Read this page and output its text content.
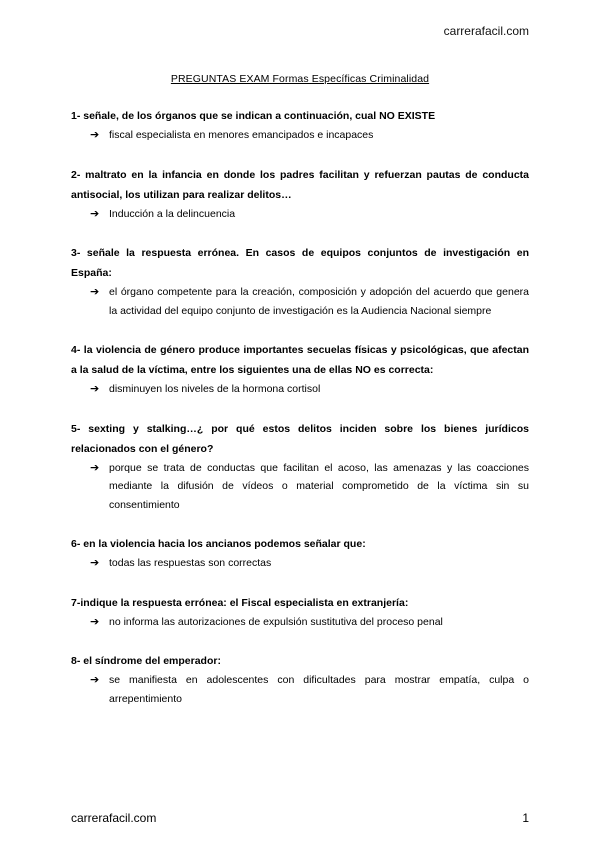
carrerafacil.com
PREGUNTAS EXAM Formas Específicas Criminalidad
1- señale, de los órganos que se indican a continuación, cual NO EXISTE
➔ fiscal especialista en menores emancipados e incapaces
2- maltrato en la infancia en donde los padres facilitan y refuerzan pautas de conducta antisocial, los utilizan para realizar delitos…
➔ Inducción a la delincuencia
3- señale la respuesta errónea. En casos de equipos conjuntos de investigación en España:
➔ el órgano competente para la creación, composición y adopción del acuerdo que genera la actividad del equipo conjunto de investigación es la Audiencia Nacional siempre
4- la violencia de género produce importantes secuelas físicas y psicológicas, que afectan a la salud de la víctima, entre los siguientes una de ellas NO es correcta:
➔ disminuyen los niveles de la hormona cortisol
5- sexting y stalking…¿ por qué estos delitos inciden sobre los bienes jurídicos relacionados con el género?
➔ porque se trata de conductas que facilitan el acoso, las amenazas y las coacciones mediante la difusión de vídeos o material comprometido de la víctima sin su consentimiento
6- en la violencia hacia los ancianos podemos señalar que:
➔ todas las respuestas son correctas
7-indique la respuesta errónea: el Fiscal especialista en extranjería:
➔ no informa las autorizaciones de expulsión sustitutiva del proceso penal
8- el síndrome del emperador:
➔ se manifiesta en adolescentes con dificultades para mostrar empatía, culpa o arrepentimiento
carrerafacil.com	1
